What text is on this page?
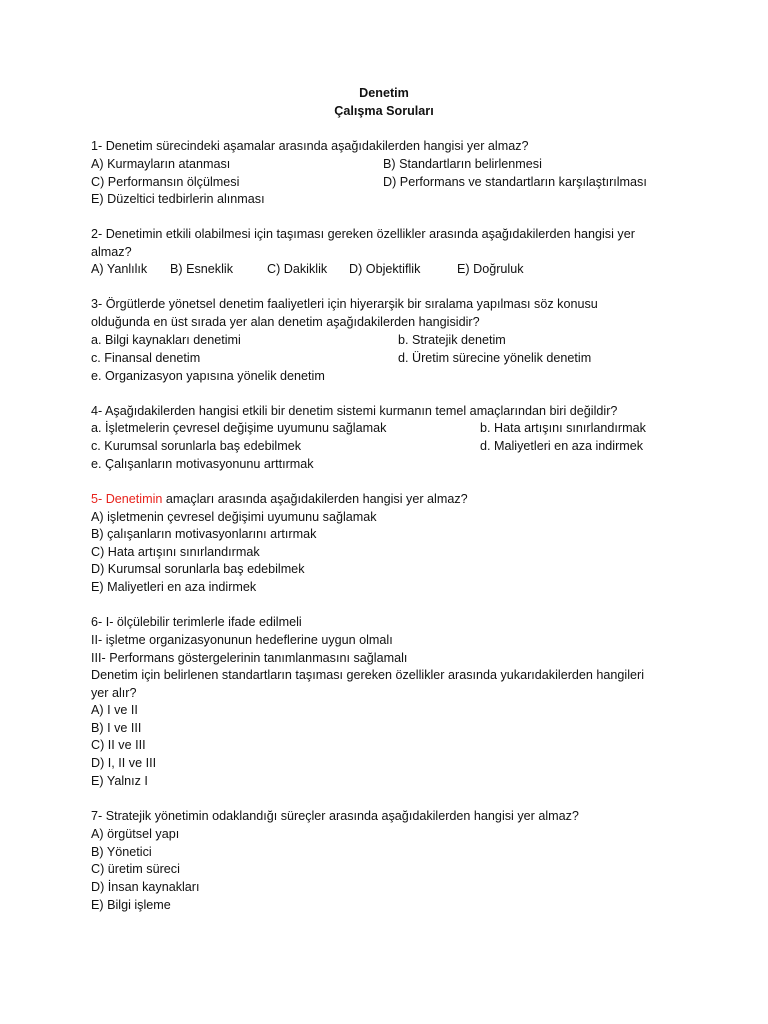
Denetim
Çalışma Soruları
1- Denetim sürecindeki aşamalar arasında aşağıdakilerden hangisi yer almaz?
A) Kurmayların atanması	B) Standartların belirlenmesi
C) Performansın ölçülmesi	D) Performans ve standartların karşılaştırılması
E) Düzeltici tedbirlerin alınması
2- Denetimin etkili olabilmesi için taşıması gereken özellikler arasında aşağıdakilerden hangisi yer
almaz?
A) Yanlılık B) Esneklik	C) Dakiklik D) Objektiflik	E) Doğruluk
3- Örgütlerde yönetsel denetim faaliyetleri için hiyerarşik bir sıralama yapılması söz konusu
olduğunda en üst sırada yer alan denetim aşağıdakilerden hangisidir?
a. Bilgi kaynakları denetimi	b. Stratejik denetim
c. Finansal denetim	d. Üretim sürecine yönelik denetim
e. Organizasyon yapısına yönelik denetim
4- Aşağıdakilerden hangisi etkili bir denetim sistemi kurmanın temel amaçlarından biri değildir?
a. İşletmelerin çevresel değişime uyumunu sağlamak	b. Hata artışını sınırlandırmak
c. Kurumsal sorunlarla baş edebilmek	d. Maliyetleri en aza indirmek
e. Çalışanların motivasyonunu arttırmak
5- Denetimin amaçları arasında aşağıdakilerden hangisi yer almaz?
A) işletmenin çevresel değişimi uyumunu sağlamak
B) çalışanların motivasyonlarını artırmak
C) Hata artışını sınırlandırmak
D) Kurumsal sorunlarla baş edebilmek
E) Maliyetleri en aza indirmek
6- I- ölçülebilir terimlerle ifade edilmeli
II- işletme organizasyonunun hedeflerine uygun olmalı
III- Performans göstergelerinin tanımlanmasını sağlamalı
Denetim için belirlenen standartların taşıması gereken özellikler arasında yukarıdakilerden hangileri
yer alır?
A) I ve II
B) I ve III
C) II ve III
D) I, II ve III
E) Yalnız I
7- Stratejik yönetimin odaklandığı süreçler arasında aşağıdakilerden hangisi yer almaz?
A) örgütsel yapı
B) Yönetici
C) üretim süreci
D) İnsan kaynakları
E) Bilgi işleme
